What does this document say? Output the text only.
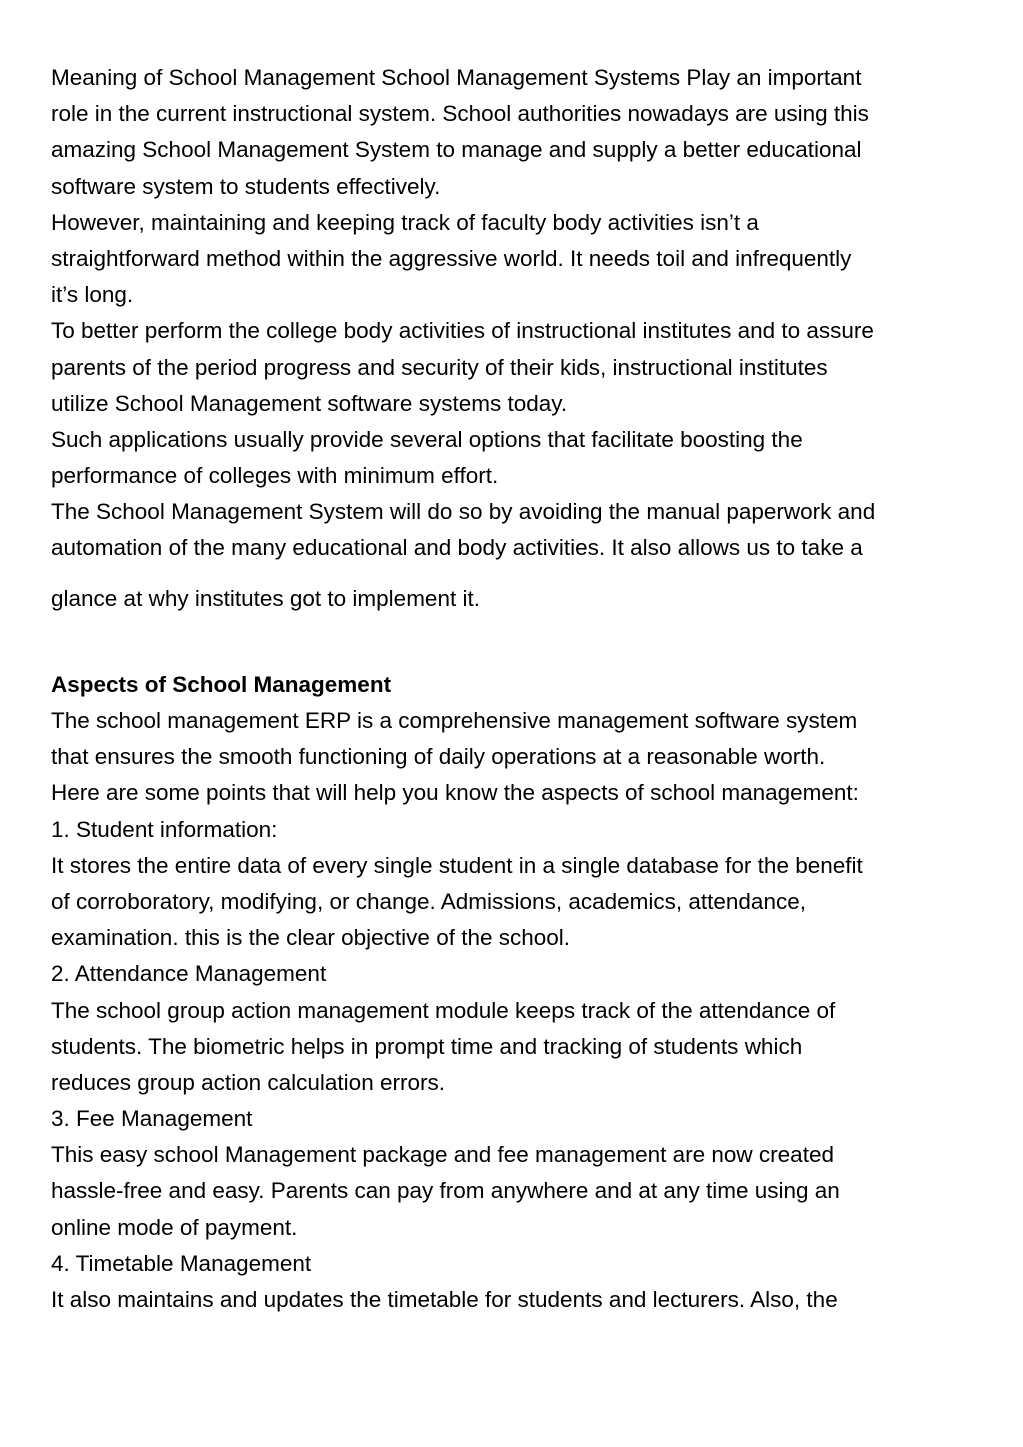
Meaning of School Management School Management Systems Play an important

role in the current instructional system. School authorities nowadays are using this

amazing School Management System to manage and supply a better educational

software system to students effectively.

However, maintaining and keeping track of faculty body activities isn’t a

straightforward method within the aggressive world. It needs toil and infrequently

it’s long.

To better perform the college body activities of instructional institutes and to assure

parents of the period progress and security of their kids, instructional institutes

utilize School Management software systems today.

Such applications usually provide several options that facilitate boosting the

performance of colleges with minimum effort.

The School Management System will do so by avoiding the manual paperwork and

automation of the many educational and body activities. It also allows us to take a

glance at why institutes got to implement it.

Aspects of School Management

The school management ERP is a comprehensive management software system

that ensures the smooth functioning of daily operations at a reasonable worth.

Here are some points that will help you know the aspects of school management:

1. Student information:

It stores the entire data of every single student in a single database for the benefit

of corroboratory, modifying, or change. Admissions, academics, attendance,

examination. this is the clear objective of the school.

2. Attendance Management

The school group action management module keeps track of the attendance of

students. The biometric helps in prompt time and tracking of students which

reduces group action calculation errors.

3. Fee Management

This easy school Management package and fee management are now created

hassle-free and easy. Parents can pay from anywhere and at any time using an

online mode of payment.

4. Timetable Management

It also maintains and updates the timetable for students and lecturers. Also, the
